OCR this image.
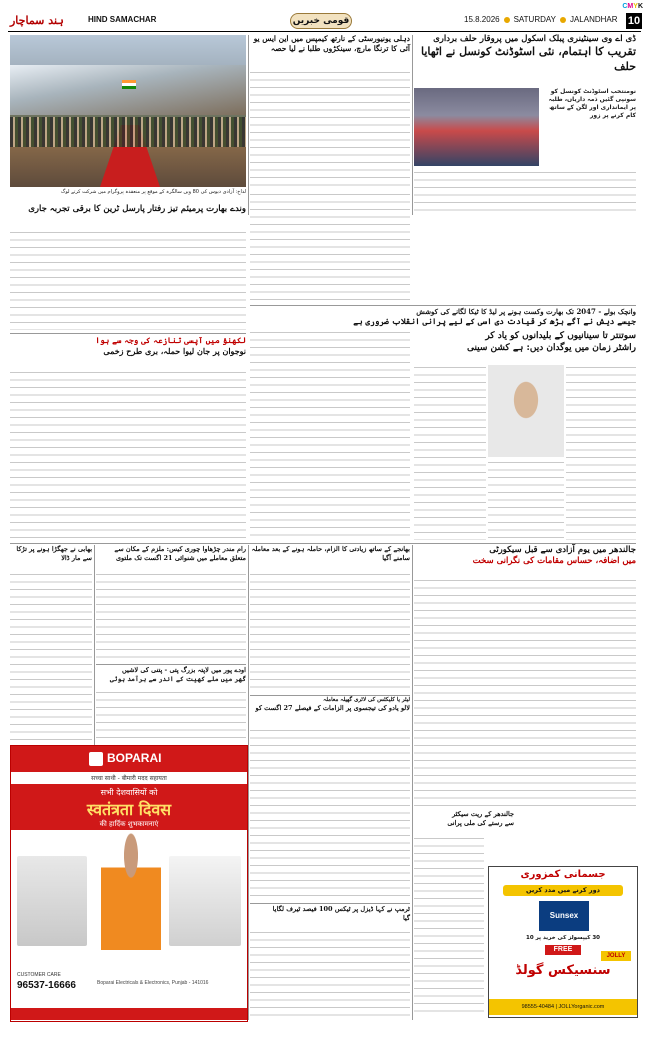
CMYK
ہند سماچار	HIND SAMACHAR	قومی خبریں	15.8.2026 SATURDAY JALANDHAR 10
لداخ: آزادی دیوس کی 80 ویں سالگرہ کے موقع پر منعقدہ پروگرام میں شرکت کرتے لوگ
دہلی یونیورسٹی کے نارتھ کیمپس میں این ایس یو
آئی کا ترنگا مارچ، سینکڑوں طلبا نے لیا حصہ
ڈی اے وی سینٹینری پبلک اسکول میں پروقار حلف برداری
تقریب کا اہتمام، نئی اسٹوڈنٹ کونسل نے اٹھایا حلف
نومنتخب اسٹوڈنٹ کونسل کو سونپی گئیں ذمہ داریاں، طلبہ پر ایمانداری اور لگن کے ساتھ کام کرنے پر زور
وندے بھارت پرمیئم تیز رفتار پارسل ٹرین کا برقی تجربہ جاری
وانچک بولے - 2047 تک بھارت وکست ہونے پر لیڈ کا ٹیکا لگانے کی کوشش
جیسے دیش نے آگے بڑھ کر قیادت دی اسی کے لیے پرانی انقلاب ضروری ہے
سوتنتر تا سینانیوں کے بلیدانوں کو یاد کر
راشٹر زمان میں یوگدان دیں: ہے کشن سینی
لکھنؤ میں آپسی تنازعہ کی وجہ سے ہوا
نوجوان پر جان لیوا حملہ، بری طرح زخمی
جالندھر میں یوم آزادی سے قبل سیکورٹی
میں اضافہ، حساس مقامات کی نگرانی سخت
بھانجے کے ساتھ زیادتی کا الزام، حاملہ ہونے کے بعد معاملہ سامنے آگیا
رام مندر چڑھاوا چوری کیس: ملزم کے مکان سے
متعلق معاملے میں شنوائی 21 اگست تک ملتوی
بھابی نے جھگڑا ہونے پر تڑکا
سے مار ڈالا
اودے پور میں لاپتہ بزرگ پتی - پتنی کی لاشیں
گھر میں ملے کھیت کے اندر سے برآمد ہوئی
لیٹر یا کلیکٹس کی لاٹری گھپلہ معاملہ
لالو یادو کی تیجسوی پر الزامات کے فیصلے 27 اگست کو
جالندھر کے ریت سیکٹر
سے رستے کی ملی پرانی
جسمانی کمزوری
دور کرنے میں مدد کریں
Sunsex
30 کیپسولز کی خرید پر 10
FREE
JOLLY
سنسیکس گولڈ
98555-40484 | JOLLYorganic.com
ٹرمپ نے کہا ڈیزل پر ٹیکس 100 فیصد ٹیرف لگایا
گیا
BOPARAI
सच्चा साथी - बीमारी मदद सहायता
सभी देशवासियों को
स्वतंत्रता दिवस
की हार्दिक शुभकामनाएं
CUSTOMER CARE
96537-16666	Boparai Electricals & Electronics, Punjab - 141016
